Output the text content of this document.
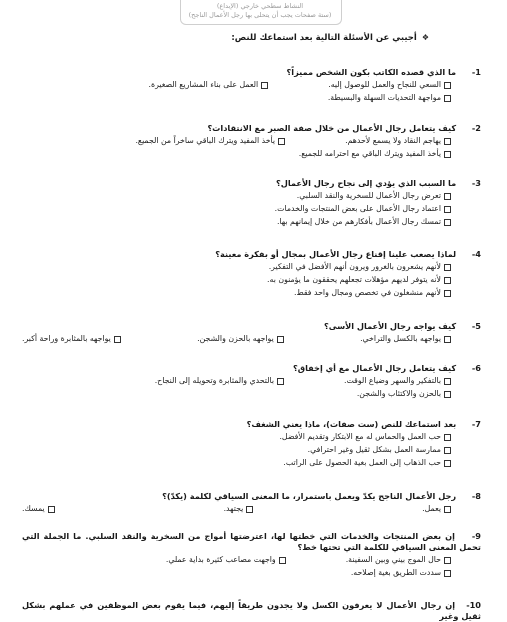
النشاط سطحي خارجي (الإبداع)
(ستة صفحات يجب أن يتحلى بها رجل الأعمال الناجح)
❖أجيبي عن الأسئلة التالية بعد استماعك للنص:
1- ما الذي قصده الكاتب بكون الشخص مميزاً؟
السعي للنجاح والعمل للوصول إليه.
العمل على بناء المشاريع الصغيرة.
مواجهة التحديات السهلة والبسيطة.
2- كيف يتعامل رجال الأعمال من خلال صفة الصبر مع الانتقادات؟
يهاجم النقاد ولا يسمع لأحدهم.
يأخذ المفيد ويترك الباقي ساخراً من الجميع.
يأخذ المفيد ويترك الباقي مع احترامه للجميع.
3- ما السبب الذي يؤدي إلى نجاح رجال الأعمال؟
تعرض رجال الأعمال للسخرية والنقد السلبي.
اعتماد رجال الأعمال على بعض المنتجات والخدمات.
تمسك رجال الأعمال بأفكارهم من خلال إيمانهم بها.
4- لماذا يصعب علينا إقناع رجال الأعمال بمجال أو بفكرة معينة؟
لأنهم يشعرون بالغرور ويرون أنهم الأفضل في التفكير.
لأنه يتوفر لديهم مؤهلات تجعلهم يحققون ما يؤمنون به.
لأنهم منشغلون في تخصص ومجال واحد فقط.
5- كيف يواجه رجال الأعمال الأسى؟
يواجهه بالكسل والتراخي.
يواجهه بالحزن والشجن.
يواجهه بالمثابرة وراحة أكبر.
6- كيف يتعامل رجال الأعمال مع أي إخفاق؟
بالتفكير والسهر وضياع الوقت.
بالتحدي والمثابرة وتحويله إلى النجاح.
بالحزن والاكتئاب والشجن.
7- بعد استماعك للنص (ست صفات)، ماذا يعني الشغف؟
حب العمل والحماس له مع الابتكار وتقديم الأفضل.
ممارسة العمل بشكل ثقيل وغير احترافي.
حب الذهاب إلى العمل بغية الحصول على الراتب.
8- رجل الأعمال الناجح يكدّ ويعمل باستمرار، ما المعنى السياقي لكلمة (يكدّ)؟
يعمل.
يجتهد.
يمسك.
9- إن بعض المنتجات والخدمات التي خطتها لها، اعترضتها أمواج من السخرية والنقد السلبي. ما الجملة التي تحمل المعنى السياقي للكلمة التي تحتها خط؟
حال الموج بيني وبين السفينة.
واجهت مصاعب كثيرة بداية عملي.
سددت الطريق بغية إصلاحه.
10- إن رجال الأعمال لا يعرفون الكسل ولا يجدون طريقاً إليهم، فيما يقوم بعض الموظفين في عملهم بشكل ثقيل وغير
